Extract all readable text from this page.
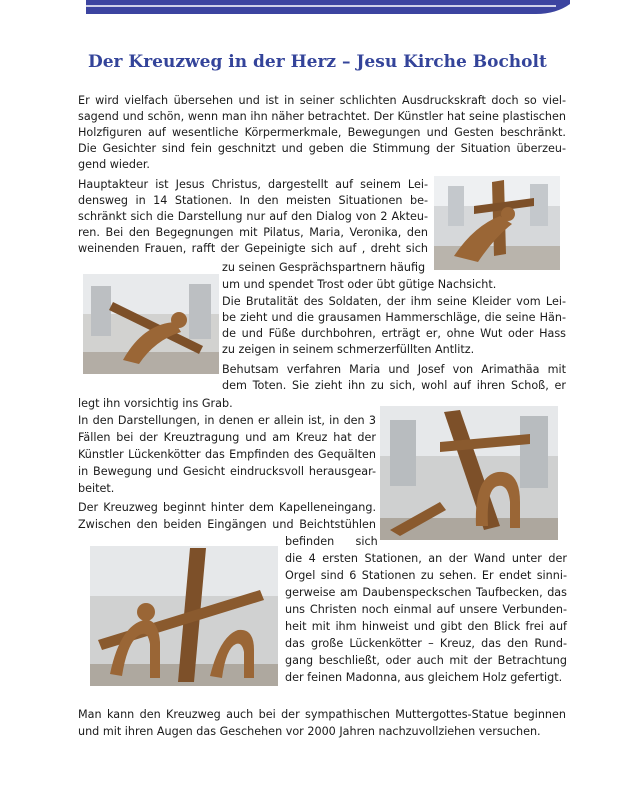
Der Kreuzweg in der Herz – Jesu Kirche Bocholt
Er wird vielfach übersehen und ist in seiner schlichten Ausdruckskraft doch so viel-
sagend und schön, wenn man ihn näher betrachtet. Der Künstler hat seine plastischen
Holzfiguren auf wesentliche Körpermerkmale, Bewegungen und Gesten beschränkt.
Die Gesichter sind fein geschnitzt und geben die Stimmung der Situation überzeu-
gend wieder.
Hauptakteur ist Jesus Christus, dargestellt auf seinem Lei-
densweg in 14 Stationen. In den meisten Situationen be-
schränkt sich die Darstellung nur auf den Dialog von 2 Akteu-
ren. Bei den Begegnungen mit Pilatus, Maria, Veronika, den
weinenden Frauen, rafft der Gepeinigte sich auf , dreht sich
zu seinen Gesprächspartnern häufig
um und spendet Trost oder übt gütige Nachsicht.
Die Brutalität des Soldaten, der ihm seine Kleider vom Lei-
be zieht und die grausamen Hammerschläge, die seine Hän-
de und Füße durchbohren, erträgt er, ohne Wut oder Hass
zu zeigen in seinem schmerzerfüllten Antlitz.
Behutsam verfahren Maria und Josef von Arimathäa mit
dem Toten. Sie zieht ihn zu sich, wohl auf ihren Schoß, er
legt ihn vorsichtig ins Grab.
In den Darstellungen, in denen er allein ist, in den 3
Fällen bei der Kreuztragung und am Kreuz hat der
Künstler Lückenkötter das Empfinden des Gequälten
in Bewegung und Gesicht eindrucksvoll herausgear-
beitet.
Der Kreuzweg beginnt hinter dem Kapelleneingang.
Zwischen den beiden Eingängen und Beichtstühlen
befinden      sich
die 4 ersten Stationen, an der Wand unter der
Orgel sind 6 Stationen zu sehen. Er endet sinni-
gerweise am Daubenspeckschen Taufbecken, das
uns Christen noch einmal auf unsere Verbunden-
heit mit ihm hinweist und gibt den Blick frei auf
das große Lückenkötter – Kreuz, das den Rund-
gang beschließt, oder auch mit der Betrachtung
der feinen Madonna, aus gleichem Holz gefertigt.
Man kann den Kreuzweg auch bei der sympathischen Muttergottes-Statue beginnen
und mit ihren Augen das Geschehen vor 2000 Jahren nachzuvollziehen versuchen.
